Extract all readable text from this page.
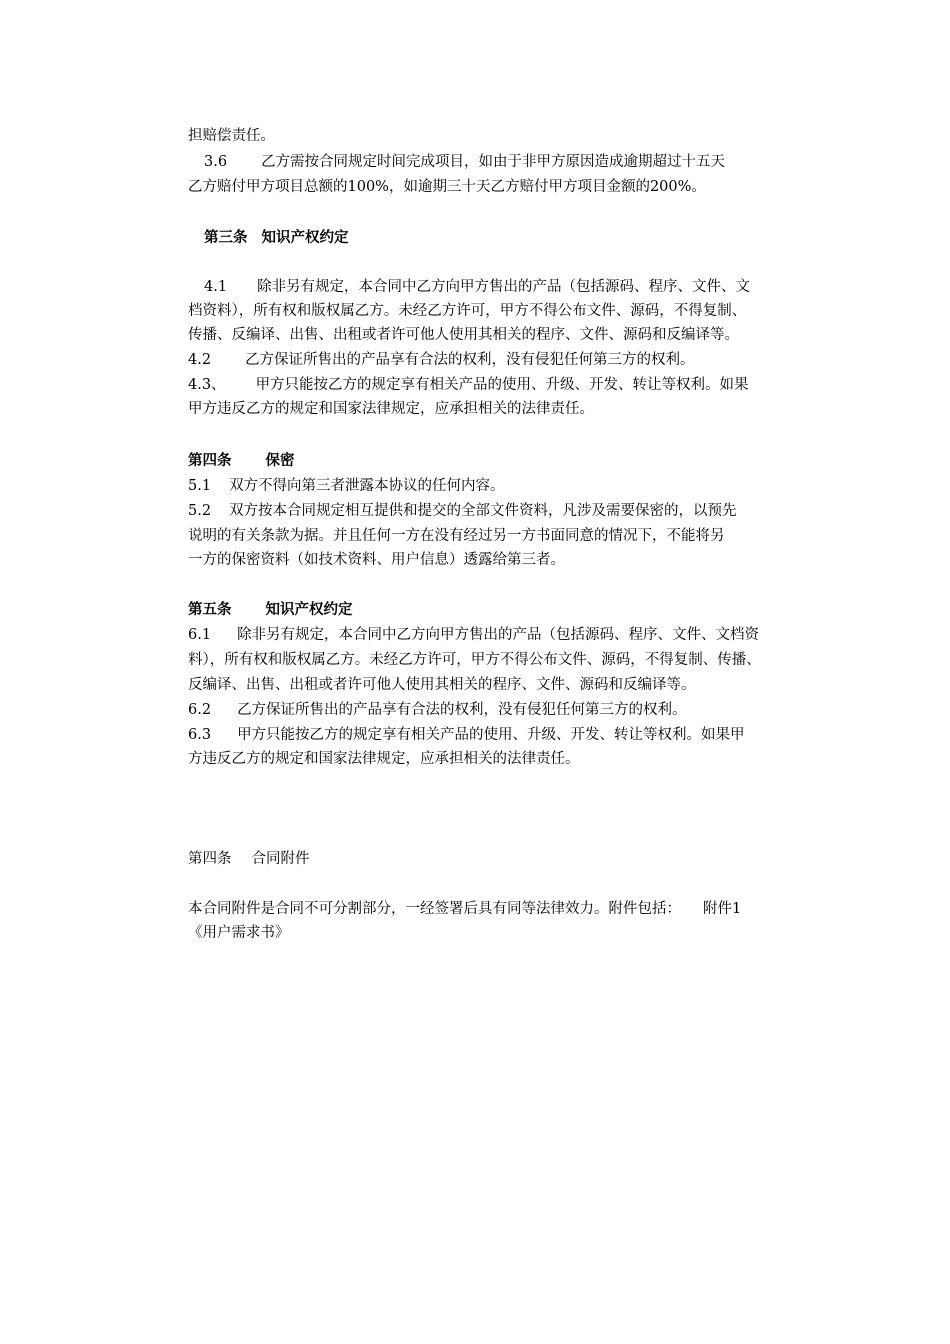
担赔偿责任。
3.6 乙方需按合同规定时间完成项目，如由于非甲方原因造成逾期超过十五天
乙方赔付甲方项目总额的100%，如逾期三十天乙方赔付甲方项目金额的200%。
第三条 知识产权约定
4.1 除非另有规定，本合同中乙方向甲方售出的产品（包括源码、程序、文件、文
档资料），所有权和版权属乙方。未经乙方许可，甲方不得公布文件、源码，不得复制、
传播、反编译、出售、出租或者许可他人使用其相关的程序、文件、源码和反编译等。
4.2 乙方保证所售出的产品享有合法的权利，没有侵犯任何第三方的权利。
4.3、 甲方只能按乙方的规定享有相关产品的使用、升级、开发、转让等权利。如果
甲方违反乙方的规定和国家法律规定，应承担相关的法律责任。
第四条 保密
5.1 双方不得向第三者泄露本协议的任何内容。
5.2 双方按本合同规定相互提供和提交的全部文件资料，凡涉及需要保密的，以预先
说明的有关条款为据。并且任何一方在没有经过另一方书面同意的情况下，不能将另
一方的保密资料（如技术资料、用户信息）透露给第三者。
第五条 知识产权约定
6.1 除非另有规定，本合同中乙方向甲方售出的产品（包括源码、程序、文件、文档资
料），所有权和版权属乙方。未经乙方许可，甲方不得公布文件、源码，不得复制、传播、
反编译、出售、出租或者许可他人使用其相关的程序、文件、源码和反编译等。
6.2 乙方保证所售出的产品享有合法的权利，没有侵犯任何第三方的权利。
6.3 甲方只能按乙方的规定享有相关产品的使用、升级、开发、转让等权利。如果甲
方违反乙方的规定和国家法律规定，应承担相关的法律责任。
第四条 合同附件
本合同附件是合同不可分割部分，一经签署后具有同等法律效力。附件包括： 附件1
《用户需求书》
